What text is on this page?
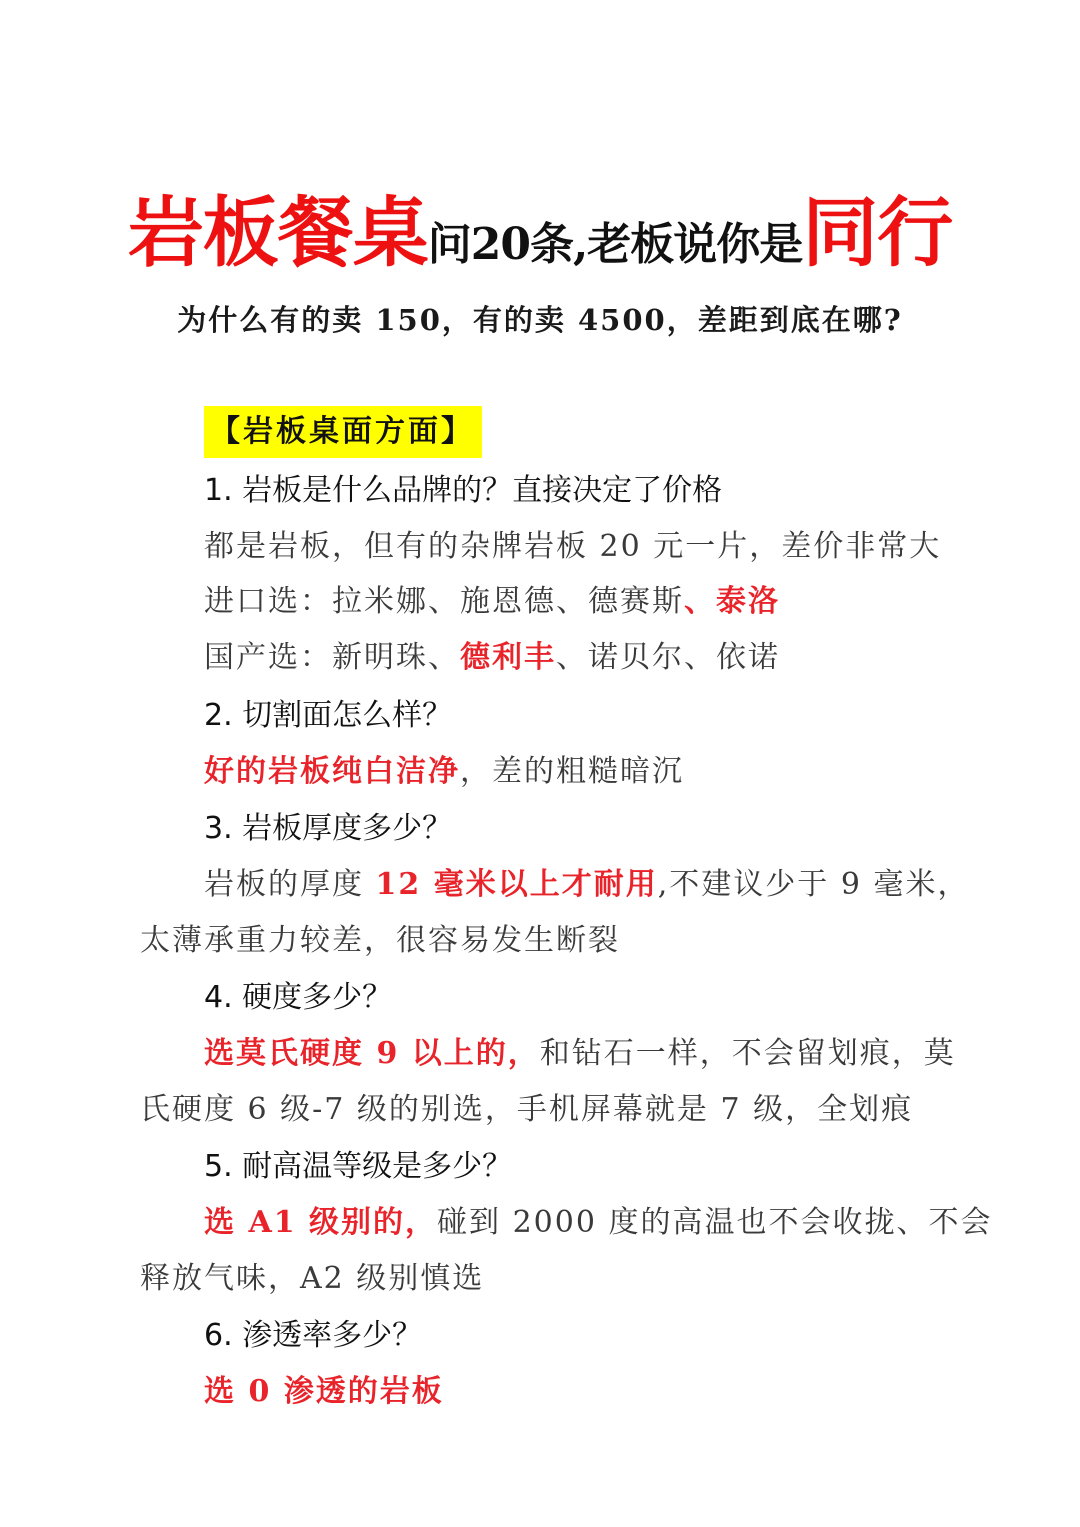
岩板餐桌问20条,老板说你是同行
为什么有的卖 150，有的卖 4500，差距到底在哪?
【岩板桌面方面】
1. 岩板是什么品牌的？直接决定了价格
都是岩板，但有的杂牌岩板 20 元一片，差价非常大
进口选：拉米娜、施恩德、德赛斯、泰洛
国产选：新明珠、德利丰、诺贝尔、依诺
2. 切割面怎么样？
好的岩板纯白洁净，差的粗糙暗沉
3. 岩板厚度多少？
岩板的厚度 12 毫米以上才耐用,不建议少于 9 毫米，
太薄承重力较差，很容易发生断裂
4. 硬度多少？
选莫氏硬度 9 以上的，和钻石一样，不会留划痕，莫
氏硬度 6 级-7 级的别选，手机屏幕就是 7 级，全划痕
5. 耐高温等级是多少？
选 A1 级别的，碰到 2000 度的高温也不会收拢、不会
释放气味，A2 级别慎选
6. 渗透率多少？
选 0 渗透的岩板
